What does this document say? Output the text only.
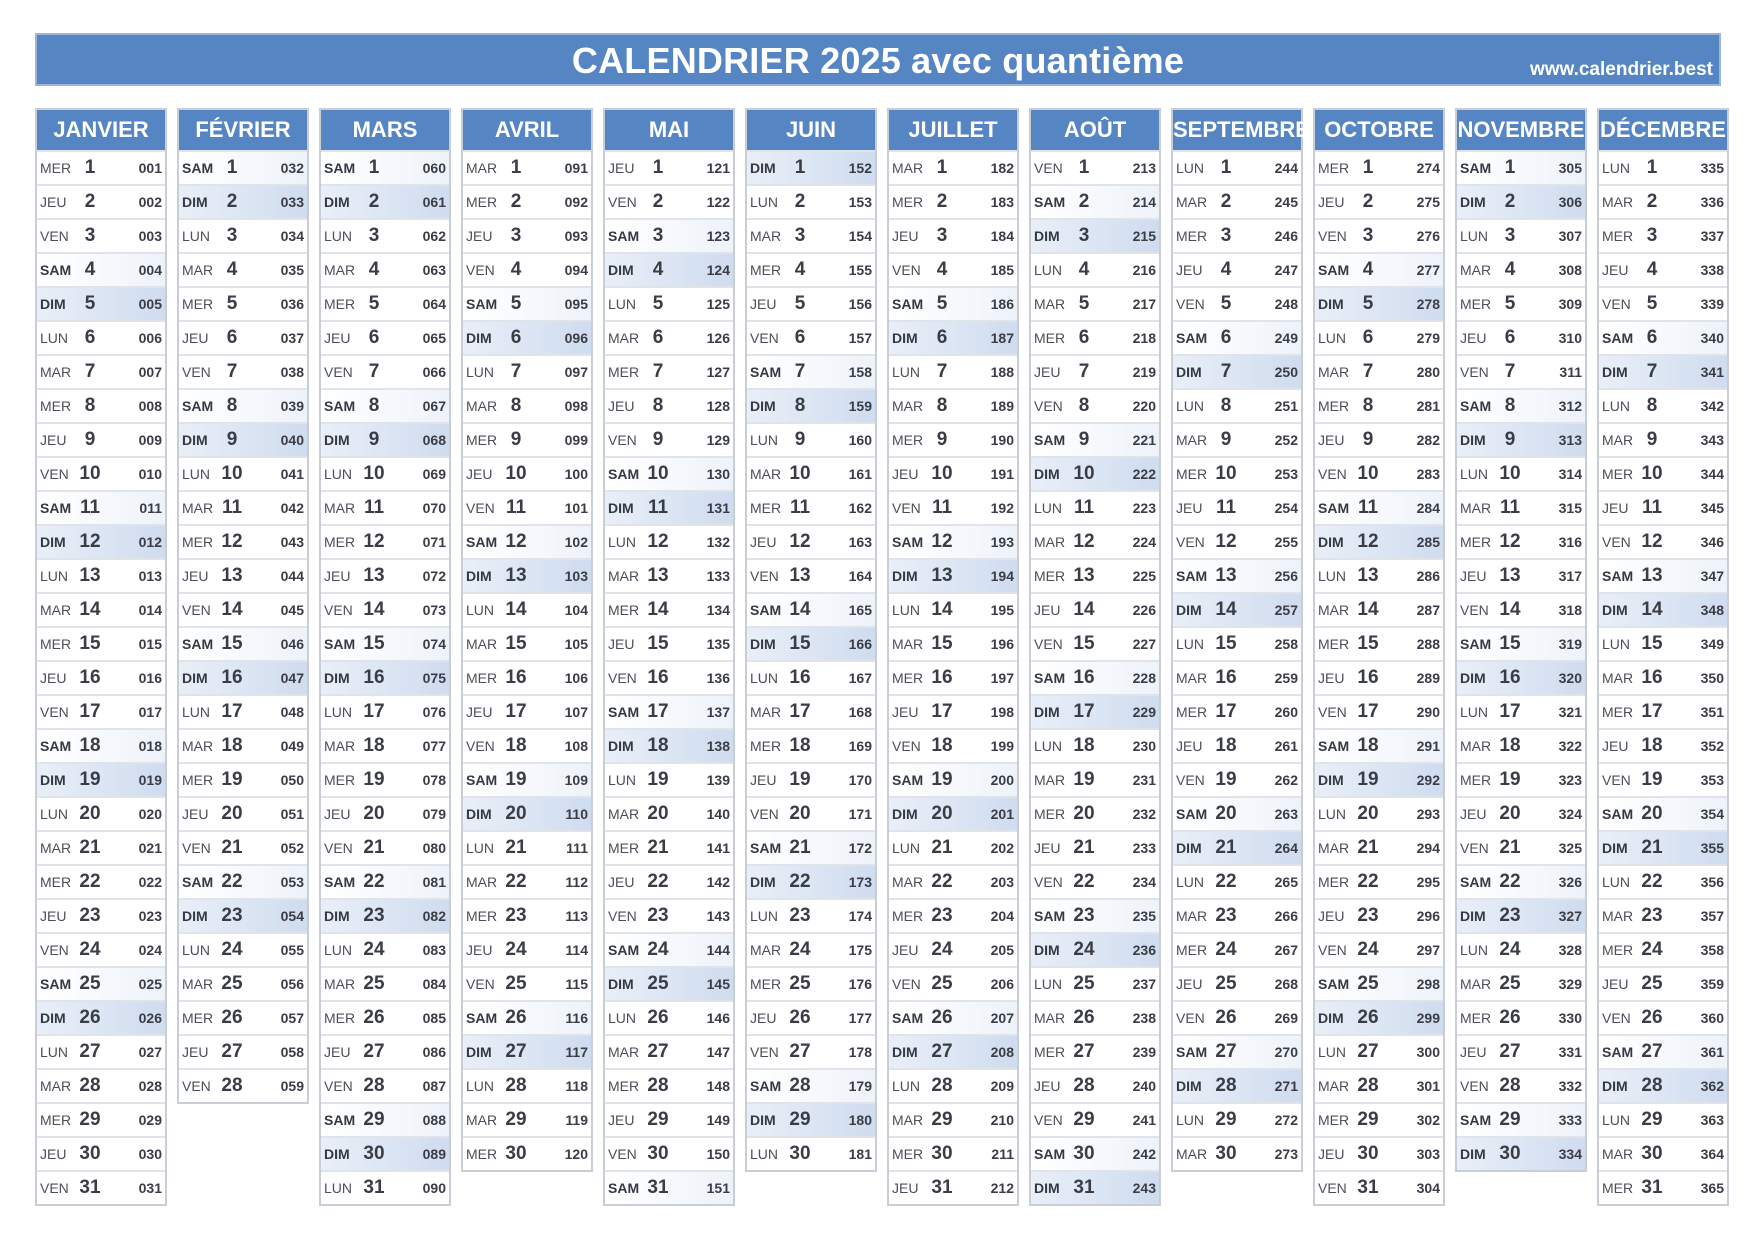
CALENDRIER 2025 avec quantième	www.calendrier.best
JANVIER
MER 1	001
JEU 2	002
VEN 3	003
SAM 4	004
DIM	5	005
LUN 6	006
MAR 7	007
MER 8	008
JEU 9	009
VEN 10	010
SAM 11	011
DIM 12	012
LUN 13	013
MAR 14	014
MER 15	015
JEU 16	016
VEN 17	017
SAM 18	018
DIM 19	019
LUN 20	020
MAR 21	021
MER 22	022
JEU 23	023
VEN 24	024
SAM 25	025
DIM 26	026
LUN 27	027
MAR 28	028
MER 29	029
JEU 30	030
VEN 31	031
FÉVRIER
SAM 1	032
DIM	2	033
LUN 3	034
MAR 4	035
MER 5	036
JEU 6	037
VEN 7	038
SAM 8	039
DIM	9	040
LUN 10	041
MAR 11	042
MER 12	043
JEU 13	044
VEN 14	045
SAM 15	046
DIM 16	047
LUN 17	048
MAR 18	049
MER 19	050
JEU 20	051
VEN 21	052
SAM 22	053
DIM 23	054
LUN 24	055
MAR 25	056
MER 26	057
JEU 27	058
VEN 28	059
MARS
SAM 1	060
DIM	2	061
LUN 3	062
MAR 4	063
MER 5	064
JEU 6	065
VEN 7	066
SAM 8	067
DIM	9	068
LUN 10	069
MAR 11	070
MER 12	071
JEU 13	072
VEN 14	073
SAM 15	074
DIM 16	075
LUN 17	076
MAR 18	077
MER 19	078
JEU 20	079
VEN 21	080
SAM 22	081
DIM 23	082
LUN 24	083
MAR 25	084
MER 26	085
JEU 27	086
VEN 28	087
SAM 29	088
DIM 30	089
LUN 31	090
AVRIL
MAR 1	091
MER 2	092
JEU 3	093
VEN 4	094
SAM 5	095
DIM	6	096
LUN 7	097
MAR 8	098
MER 9	099
JEU 10	100
VEN 11	101
SAM 12	102
DIM 13	103
LUN 14	104
MAR 15	105
MER 16	106
JEU 17	107
VEN 18	108
SAM 19	109
DIM 20	110
LUN 21	111
MAR 22	112
MER 23	113
JEU 24	114
VEN 25	115
SAM 26	116
DIM 27	117
LUN 28	118
MAR 29	119
MER 30	120
MAI
JEU 1	121
VEN 2	122
SAM 3	123
DIM	4	124
LUN 5	125
MAR 6	126
MER 7	127
JEU 8	128
VEN 9	129
SAM 10	130
DIM 11	131
LUN 12	132
MAR 13	133
MER 14	134
JEU 15	135
VEN 16	136
SAM 17	137
DIM 18	138
LUN 19	139
MAR 20	140
MER 21	141
JEU 22	142
VEN 23	143
SAM 24	144
DIM 25	145
LUN 26	146
MAR 27	147
MER 28	148
JEU 29	149
VEN 30	150
SAM 31	151
JUIN
DIM	1	152
LUN 2	153
MAR 3	154
MER 4	155
JEU 5	156
VEN 6	157
SAM 7	158
DIM	8	159
LUN 9	160
MAR 10	161
MER 11	162
JEU 12	163
VEN 13	164
SAM 14	165
DIM 15	166
LUN 16	167
MAR 17	168
MER 18	169
JEU 19	170
VEN 20	171
SAM 21	172
DIM 22	173
LUN 23	174
MAR 24	175
MER 25	176
JEU 26	177
VEN 27	178
SAM 28	179
DIM 29	180
LUN 30	181
JUILLET
MAR 1	182
MER 2	183
JEU 3	184
VEN 4	185
SAM 5	186
DIM	6	187
LUN 7	188
MAR 8	189
MER 9	190
JEU 10	191
VEN 11	192
SAM 12	193
DIM 13	194
LUN 14	195
MAR 15	196
MER 16	197
JEU 17	198
VEN 18	199
SAM 19	200
DIM 20	201
LUN 21	202
MAR 22	203
MER 23	204
JEU 24	205
VEN 25	206
SAM 26	207
DIM 27	208
LUN 28	209
MAR 29	210
MER 30	211
JEU 31	212
AOÛT
VEN 1	213
SAM 2	214
DIM	3	215
LUN 4	216
MAR 5	217
MER 6	218
JEU 7	219
VEN 8	220
SAM 9	221
DIM 10	222
LUN 11	223
MAR 12	224
MER 13	225
JEU 14	226
VEN 15	227
SAM 16	228
DIM 17	229
LUN 18	230
MAR 19	231
MER 20	232
JEU 21	233
VEN 22	234
SAM 23	235
DIM 24	236
LUN 25	237
MAR 26	238
MER 27	239
JEU 28	240
VEN 29	241
SAM 30	242
DIM 31	243
SEPTEMBRE
LUN 1	244
MAR 2	245
MER 3	246
JEU 4	247
VEN 5	248
SAM 6	249
DIM	7	250
LUN 8	251
MAR 9	252
MER 10	253
JEU 11	254
VEN 12	255
SAM 13	256
DIM 14	257
LUN 15	258
MAR 16	259
MER 17	260
JEU 18	261
VEN 19	262
SAM 20	263
DIM 21	264
LUN 22	265
MAR 23	266
MER 24	267
JEU 25	268
VEN 26	269
SAM 27	270
DIM 28	271
LUN 29	272
MAR 30	273
OCTOBRE
MER 1	274
JEU 2	275
VEN 3	276
SAM 4	277
DIM	5	278
LUN 6	279
MAR 7	280
MER 8	281
JEU 9	282
VEN 10	283
SAM 11	284
DIM 12	285
LUN 13	286
MAR 14	287
MER 15	288
JEU 16	289
VEN 17	290
SAM 18	291
DIM 19	292
LUN 20	293
MAR 21	294
MER 22	295
JEU 23	296
VEN 24	297
SAM 25	298
DIM 26	299
LUN 27	300
MAR 28	301
MER 29	302
JEU 30	303
VEN 31	304
NOVEMBRE
SAM 1	305
DIM	2	306
LUN 3	307
MAR 4	308
MER 5	309
JEU 6	310
VEN 7	311
SAM 8	312
DIM	9	313
LUN 10	314
MAR 11	315
MER 12	316
JEU 13	317
VEN 14	318
SAM 15	319
DIM 16	320
LUN 17	321
MAR 18	322
MER 19	323
JEU 20	324
VEN 21	325
SAM 22	326
DIM 23	327
LUN 24	328
MAR 25	329
MER 26	330
JEU 27	331
VEN 28	332
SAM 29	333
DIM 30	334
DÉCEMBRE
LUN 1	335
MAR 2	336
MER 3	337
JEU 4	338
VEN 5	339
SAM 6	340
DIM	7	341
LUN 8	342
MAR 9	343
MER 10	344
JEU 11	345
VEN 12	346
SAM 13	347
DIM 14	348
LUN 15	349
MAR 16	350
MER 17	351
JEU 18	352
VEN 19	353
SAM 20	354
DIM 21	355
LUN 22	356
MAR 23	357
MER 24	358
JEU 25	359
VEN 26	360
SAM 27	361
DIM 28	362
LUN 29	363
MAR 30	364
MER 31	365
